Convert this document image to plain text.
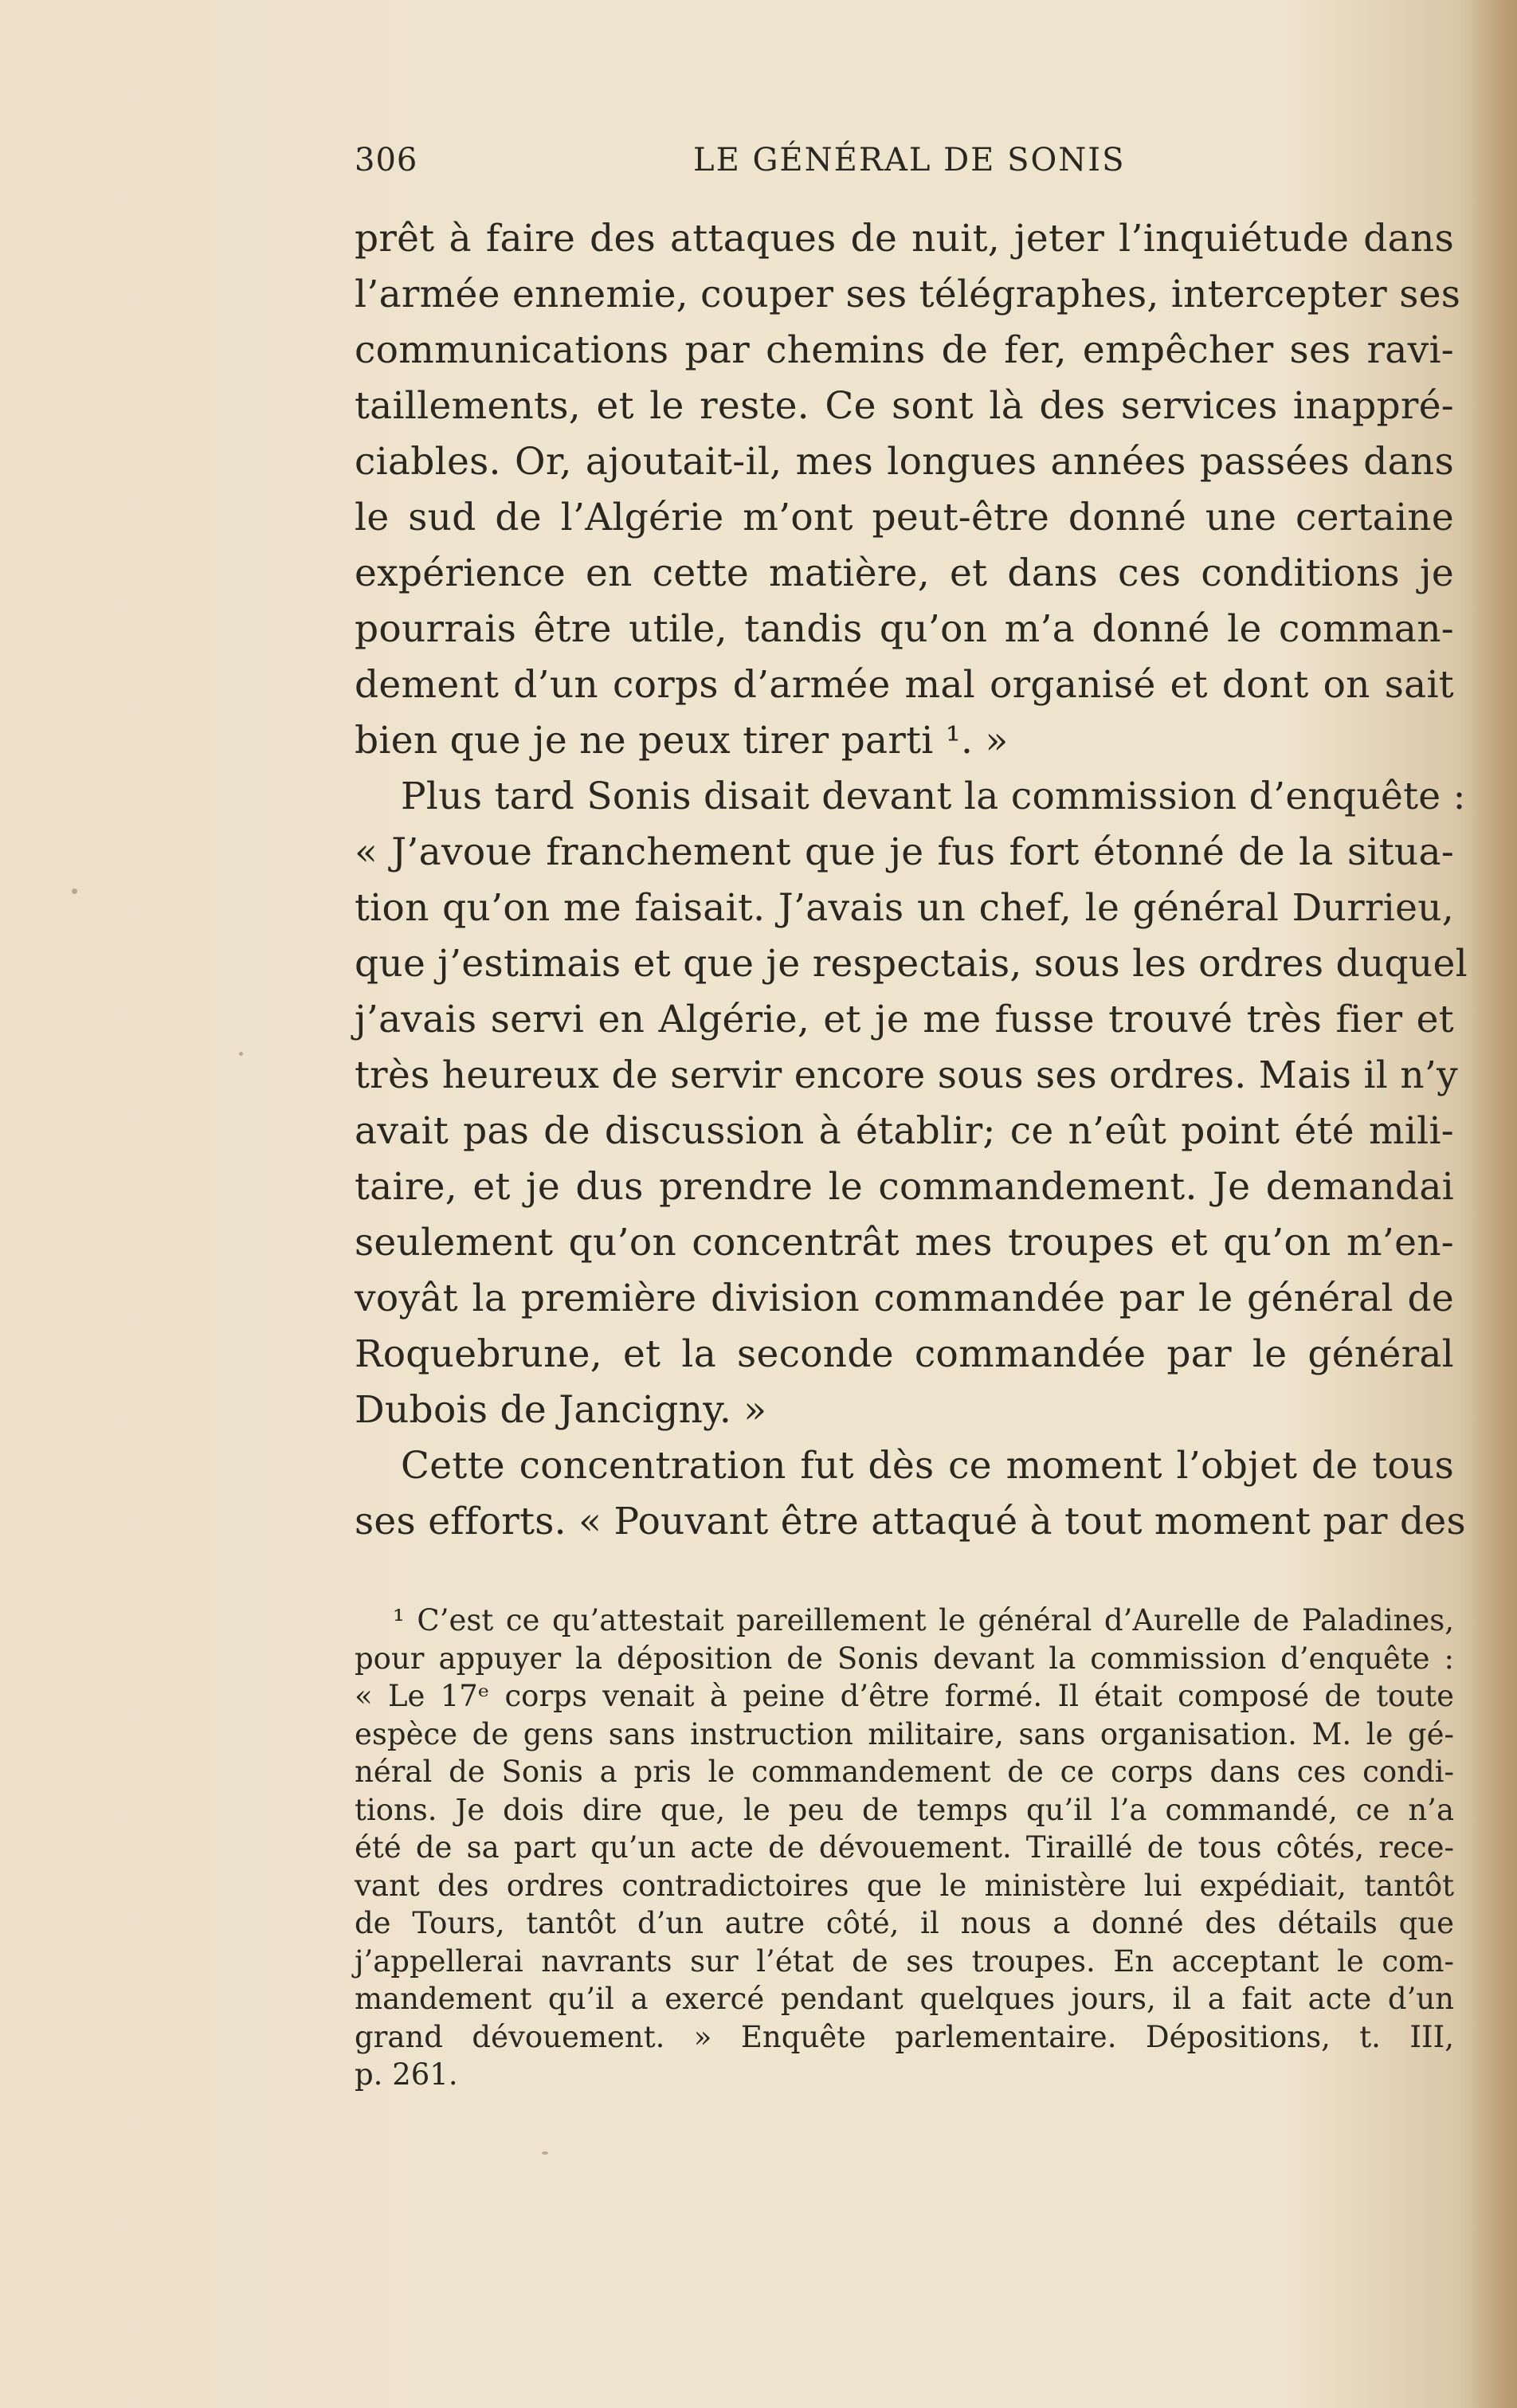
306	LE GÉNÉRAL DE SONIS
prêt à faire des attaques de nuit, jeter l’inquiétude dans
l’armée ennemie, couper ses télégraphes, intercepter ses
communications par chemins de fer, empêcher ses ravi-
taillements, et le reste. Ce sont là des services inappré-
ciables. Or, ajoutait-il, mes longues années passées dans
le sud de l’Algérie m’ont peut-être donné une certaine
expérience en cette matière, et dans ces conditions je
pourrais être utile, tandis qu’on m’a donné le comman-
dement d’un corps d’armée mal organisé et dont on sait
bien que je ne peux tirer parti ¹. »
Plus tard Sonis disait devant la commission d’enquête :
« J’avoue franchement que je fus fort étonné de la situa-
tion qu’on me faisait. J’avais un chef, le général Durrieu,
que j’estimais et que je respectais, sous les ordres duquel
j’avais servi en Algérie, et je me fusse trouvé très fier et
très heureux de servir encore sous ses ordres. Mais il n’y
avait pas de discussion à établir; ce n’eût point été mili-
taire, et je dus prendre le commandement. Je demandai
seulement qu’on concentrât mes troupes et qu’on m’en-
voyât la première division commandée par le général de
Roquebrune, et la seconde commandée par le général
Dubois de Jancigny. »
Cette concentration fut dès ce moment l’objet de tous
ses efforts. « Pouvant être attaqué à tout moment par des
¹ C’est ce qu’attestait pareillement le général d’Aurelle de Paladines,
pour appuyer la déposition de Sonis devant la commission d’enquête :
« Le 17ᵉ corps venait à peine d’être formé. Il était composé de toute
espèce de gens sans instruction militaire, sans organisation. M. le gé-
néral de Sonis a pris le commandement de ce corps dans ces condi-
tions. Je dois dire que, le peu de temps qu’il l’a commandé, ce n’a
été de sa part qu’un acte de dévouement. Tiraillé de tous côtés, rece-
vant des ordres contradictoires que le ministère lui expédiait, tantôt
de Tours, tantôt d’un autre côté, il nous a donné des détails que
j’appellerai navrants sur l’état de ses troupes. En acceptant le com-
mandement qu’il a exercé pendant quelques jours, il a fait acte d’un
grand dévouement. » Enquête parlementaire. Dépositions, t. III,
p. 261.
